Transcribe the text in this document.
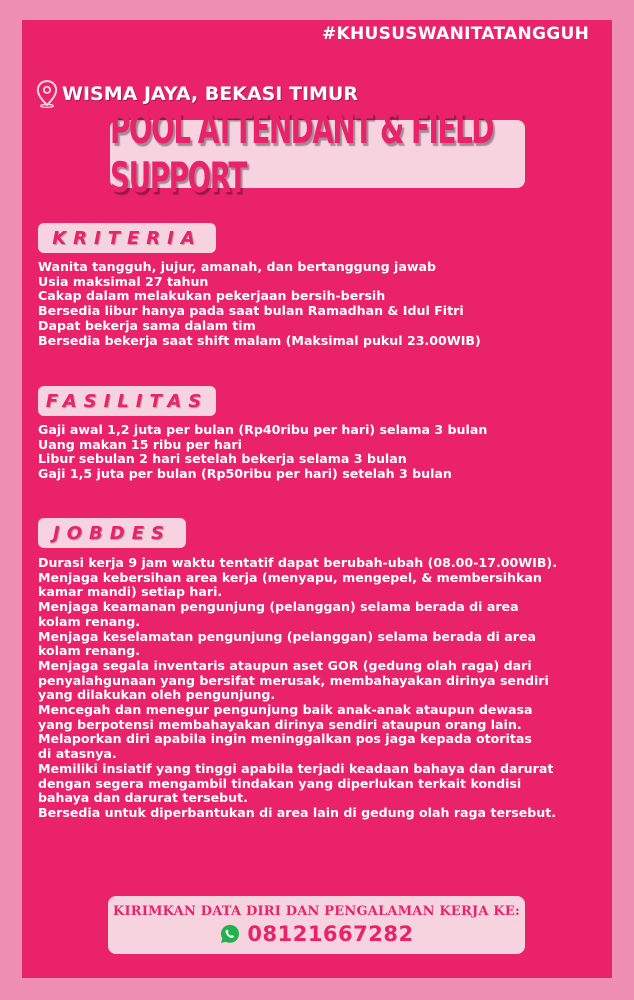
#KHUSUSWANITATANGGUH
WISMA JAYA, BEKASI TIMUR
POOL ATTENDANT & FIELD SUPPORT
KRITERIA
Wanita tangguh, jujur, amanah, dan bertanggung jawab
Usia maksimal 27 tahun
Cakap dalam melakukan pekerjaan bersih-bersih
Bersedia libur hanya pada saat bulan Ramadhan & Idul Fitri
Dapat bekerja sama dalam tim
Bersedia bekerja saat shift malam (Maksimal pukul 23.00WIB)
FASILITAS
Gaji awal 1,2 juta per bulan (Rp40ribu per hari) selama 3 bulan
Uang makan 15 ribu per hari
Libur sebulan 2 hari setelah bekerja selama 3 bulan
Gaji 1,5 juta per bulan (Rp50ribu per hari) setelah 3 bulan
JOBDES
Durasi kerja 9 jam waktu tentatif dapat berubah-ubah (08.00-17.00WIB).
Menjaga kebersihan area kerja (menyapu, mengepel, & membersihkan
kamar mandi) setiap hari.
Menjaga keamanan pengunjung (pelanggan) selama berada di area
kolam renang.
Menjaga keselamatan pengunjung (pelanggan) selama berada di area
kolam renang.
Menjaga segala inventaris ataupun aset GOR (gedung olah raga) dari
penyalahgunaan yang bersifat merusak, membahayakan dirinya sendiri
yang dilakukan oleh pengunjung.
Mencegah dan menegur pengunjung baik anak-anak ataupun dewasa
yang berpotensi membahayakan dirinya sendiri ataupun orang lain.
Melaporkan diri apabila ingin meninggalkan pos jaga kepada otoritas
di atasnya.
Memiliki insiatif yang tinggi apabila terjadi keadaan bahaya dan darurat
dengan segera mengambil tindakan yang diperlukan terkait kondisi
bahaya dan darurat tersebut.
Bersedia untuk diperbantukan di area lain di gedung olah raga tersebut.
KIRIMKAN DATA DIRI DAN PENGALAMAN KERJA KE:
08121667282
